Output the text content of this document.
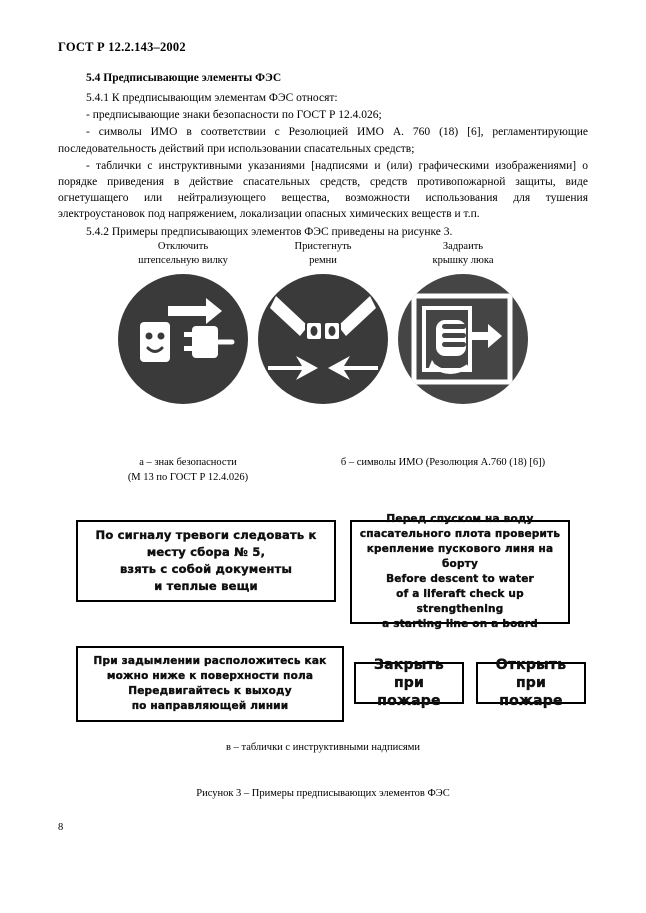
ГОСТ Р 12.2.143–2002
5.4 Предписывающие элементы ФЭС

5.4.1 К предписывающим элементам ФЭС относят:

- предписывающие знаки безопасности по ГОСТ Р 12.4.026;

- символы ИМО в соответствии с Резолюцией ИМО А. 760 (18) [6], регламентирующие последовательность действий при использовании спасательных средств;

- таблички с инструктивными указаниями [надписями и (или) графическими изображениями] о порядке приведения в действие спасательных средств, средств противопожарной защиты, виде огнетушащего или нейтрализующего вещества, возможности использования для тушения электроустановок под напряжением, локализации опасных химических веществ и т.п.

5.4.2 Примеры предписывающих элементов ФЭС приведены на рисунке 3.

Отключить
штепсельную вилку
Пристегнуть
ремни
Задраить
крышку люка
а – знак безопасности
(М 13 по ГОСТ Р 12.4.026)
б – символы ИМО (Резолюция А.760 (18) [6])
По сигналу тревоги следовать к
месту сбора № 5,
взять с собой документы
и теплые вещи
Перед спуском на воду
спасательного плота проверить
крепление пускового линя на борту
Before descent to water
of a liferaft check up strengthening
a starting line on a board
При задымлении расположитесь как
можно ниже к поверхности пола
Передвигайтесь к выходу
по направляющей линии
Закрыть
при пожаре
Открыть
при пожаре
в – таблички с инструктивными надписями
Рисунок 3 – Примеры предписывающих элементов ФЭС
8
